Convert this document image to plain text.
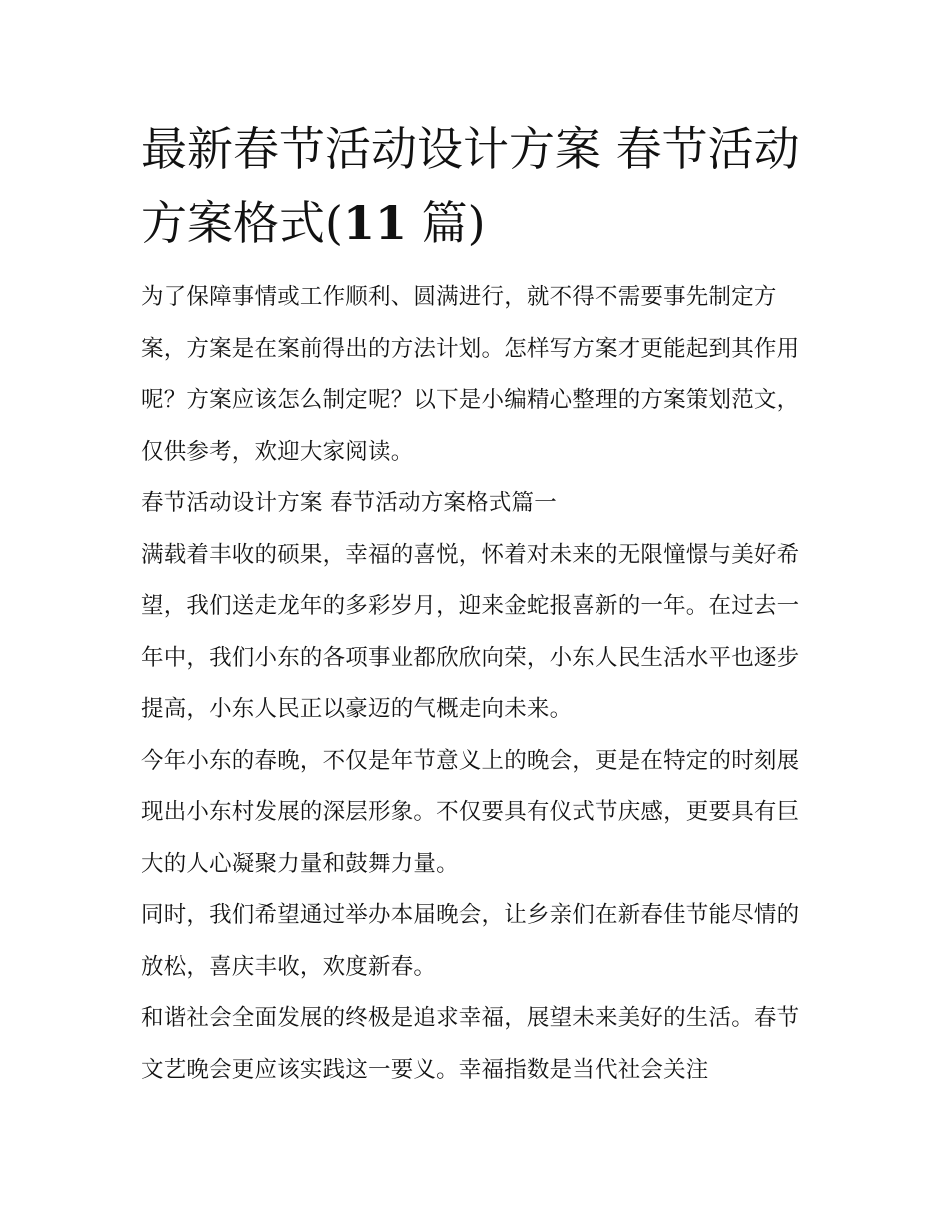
最新春节活动设计方案 春节活动方案格式(11 篇)

为了保障事情或工作顺利、圆满进行，就不得不需要事先制定方案，方案是在案前得出的方法计划。怎样写方案才更能起到其作用呢？方案应该怎么制定呢？以下是小编精心整理的方案策划范文，仅供参考，欢迎大家阅读。

春节活动设计方案 春节活动方案格式篇一

满载着丰收的硕果，幸福的喜悦，怀着对未来的无限憧憬与美好希望，我们送走龙年的多彩岁月，迎来金蛇报喜新的一年。在过去一年中，我们小东的各项事业都欣欣向荣，小东人民生活水平也逐步提高，小东人民正以豪迈的气概走向未来。

今年小东的春晚，不仅是年节意义上的晚会，更是在特定的时刻展现出小东村发展的深层形象。不仅要具有仪式节庆感，更要具有巨大的人心凝聚力量和鼓舞力量。

同时，我们希望通过举办本届晚会，让乡亲们在新春佳节能尽情的放松，喜庆丰收，欢度新春。

和谐社会全面发展的终极是追求幸福，展望未来美好的生活。春节文艺晚会更应该实践这一要义。幸福指数是当代社会关注
